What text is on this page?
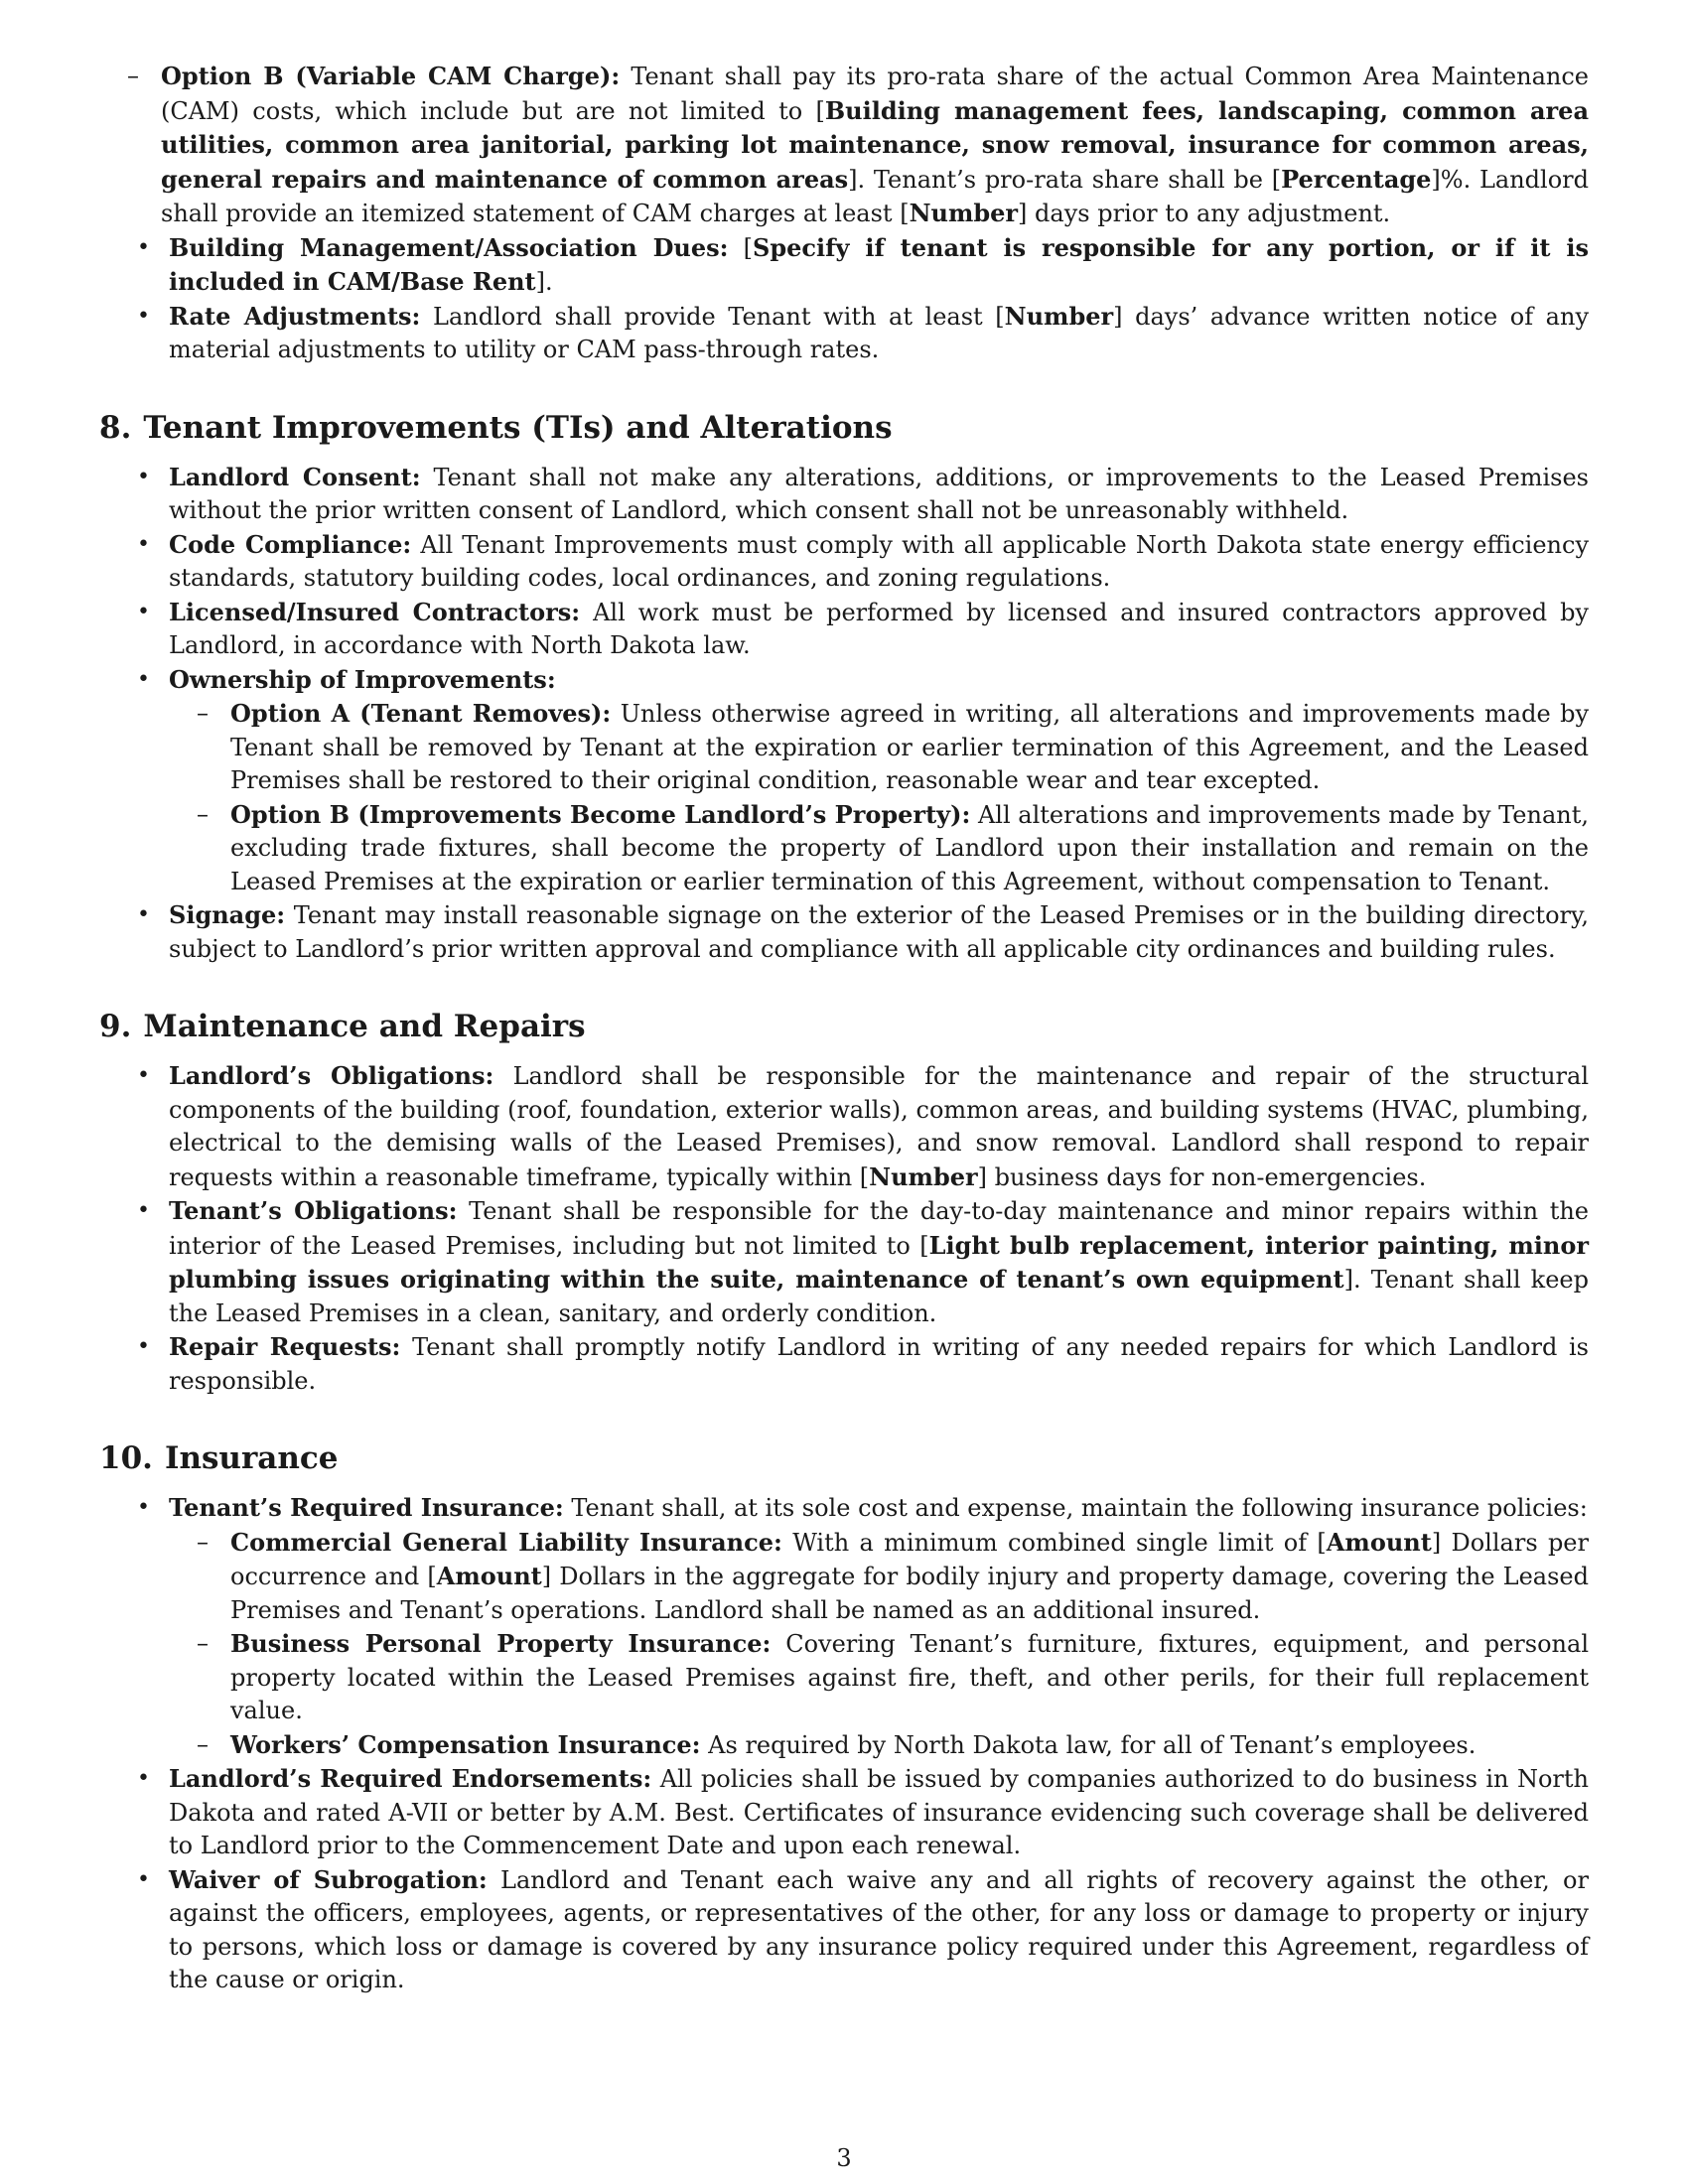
– Option B (Variable CAM Charge): Tenant shall pay its pro-rata share of the actual Common Area Maintenance (CAM) costs, which include but are not limited to [Building management fees, landscaping, common area utilities, common area janitorial, parking lot maintenance, snow removal, insurance for common areas, general repairs and maintenance of common areas]. Tenant’s pro-rata share shall be [Percentage]%. Landlord shall provide an itemized statement of CAM charges at least [Number] days prior to any adjustment.
• Building Management/Association Dues: [Specify if tenant is responsible for any portion, or if it is included in CAM/Base Rent].
• Rate Adjustments: Landlord shall provide Tenant with at least [Number] days’ advance written notice of any material adjustments to utility or CAM pass-through rates.
8. Tenant Improvements (TIs) and Alterations
• Landlord Consent: Tenant shall not make any alterations, additions, or improvements to the Leased Premises without the prior written consent of Landlord, which consent shall not be unreasonably withheld.
• Code Compliance: All Tenant Improvements must comply with all applicable North Dakota state energy efficiency standards, statutory building codes, local ordinances, and zoning regulations.
• Licensed/Insured Contractors: All work must be performed by licensed and insured contractors approved by Landlord, in accordance with North Dakota law.
• Ownership of Improvements:
– Option A (Tenant Removes): Unless otherwise agreed in writing, all alterations and improvements made by Tenant shall be removed by Tenant at the expiration or earlier termination of this Agreement, and the Leased Premises shall be restored to their original condition, reasonable wear and tear excepted.
– Option B (Improvements Become Landlord’s Property): All alterations and improvements made by Tenant, excluding trade fixtures, shall become the property of Landlord upon their installation and remain on the Leased Premises at the expiration or earlier termination of this Agreement, without compensation to Tenant.
• Signage: Tenant may install reasonable signage on the exterior of the Leased Premises or in the building directory, subject to Landlord’s prior written approval and compliance with all applicable city ordinances and building rules.
9. Maintenance and Repairs
• Landlord’s Obligations: Landlord shall be responsible for the maintenance and repair of the structural components of the building (roof, foundation, exterior walls), common areas, and building systems (HVAC, plumbing, electrical to the demising walls of the Leased Premises), and snow removal. Landlord shall respond to repair requests within a reasonable timeframe, typically within [Number] business days for non-emergencies.
• Tenant’s Obligations: Tenant shall be responsible for the day-to-day maintenance and minor repairs within the interior of the Leased Premises, including but not limited to [Light bulb replacement, interior painting, minor plumbing issues originating within the suite, maintenance of tenant’s own equipment]. Tenant shall keep the Leased Premises in a clean, sanitary, and orderly condition.
• Repair Requests: Tenant shall promptly notify Landlord in writing of any needed repairs for which Landlord is responsible.
10. Insurance
• Tenant’s Required Insurance: Tenant shall, at its sole cost and expense, maintain the following insurance policies:
– Commercial General Liability Insurance: With a minimum combined single limit of [Amount] Dollars per occurrence and [Amount] Dollars in the aggregate for bodily injury and property damage, covering the Leased Premises and Tenant’s operations. Landlord shall be named as an additional insured.
– Business Personal Property Insurance: Covering Tenant’s furniture, fixtures, equipment, and personal property located within the Leased Premises against fire, theft, and other perils, for their full replacement value.
– Workers’ Compensation Insurance: As required by North Dakota law, for all of Tenant’s employees.
• Landlord’s Required Endorsements: All policies shall be issued by companies authorized to do business in North Dakota and rated A-VII or better by A.M. Best. Certificates of insurance evidencing such coverage shall be delivered to Landlord prior to the Commencement Date and upon each renewal.
• Waiver of Subrogation: Landlord and Tenant each waive any and all rights of recovery against the other, or against the officers, employees, agents, or representatives of the other, for any loss or damage to property or injury to persons, which loss or damage is covered by any insurance policy required under this Agreement, regardless of the cause or origin.
3
